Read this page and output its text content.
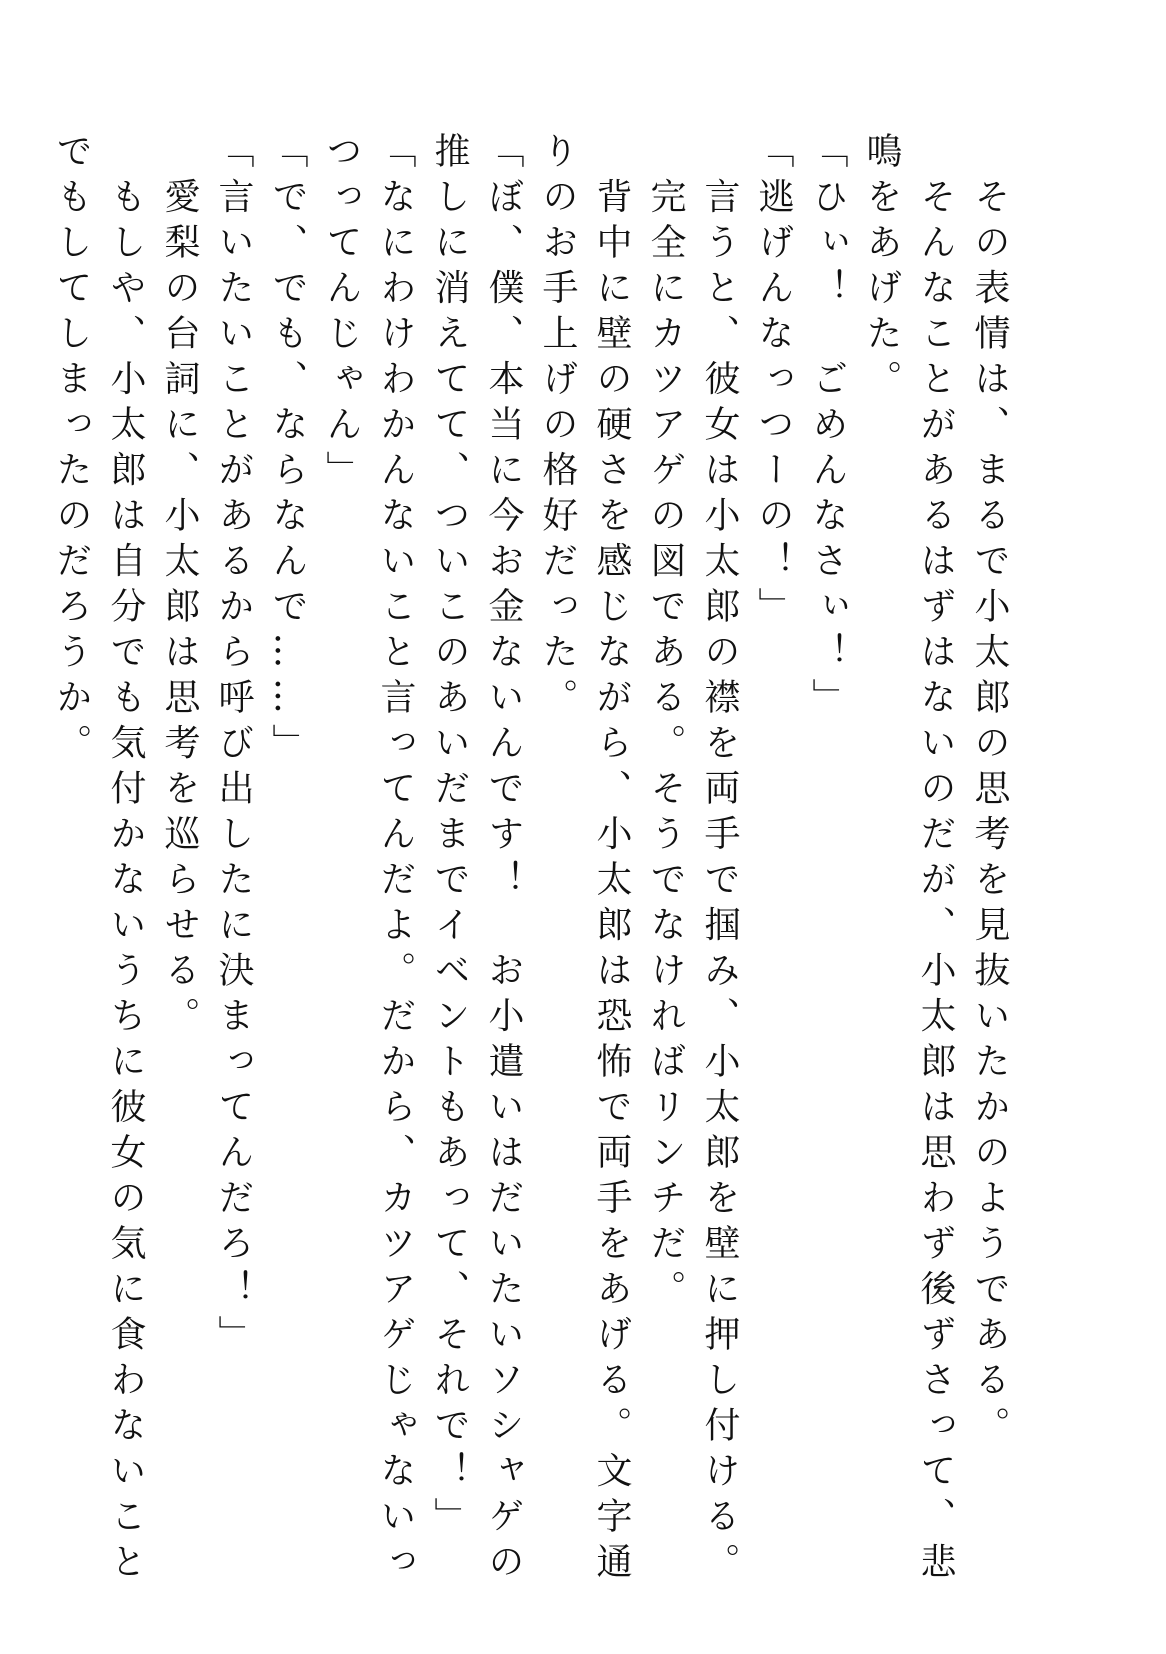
　その表情は、まるで小太郎の思考を見抜いたかのようである。

　そんなことがあるはずはないのだが、小太郎は思わず後ずさって、悲

鳴をあげた。

「ひぃ！　ごめんなさぃ！」

「逃げんなっつーの！」

　言うと、彼女は小太郎の襟を両手で掴み、小太郎を壁に押し付ける。

　完全にカツアゲの図である。そうでなければリンチだ。

　背中に壁の硬さを感じながら、小太郎は恐怖で両手をあげる。文字通

りのお手上げの格好だった。

「ぼ、僕、本当に今お金ないんです！　お小遣いはだいたいソシャゲの

推しに消えてて、ついこのあいだまでイベントもあって、それで！」

「なにわけわかんないこと言ってんだよ。だから、カツアゲじゃないっ

つってんじゃん」

「で、でも、ならなんで……」

「言いたいことがあるから呼び出したに決まってんだろ！」

　愛梨の台詞に、小太郎は思考を巡らせる。

　もしや、小太郎は自分でも気付かないうちに彼女の気に食わないこと

でもしてしまったのだろうか。
